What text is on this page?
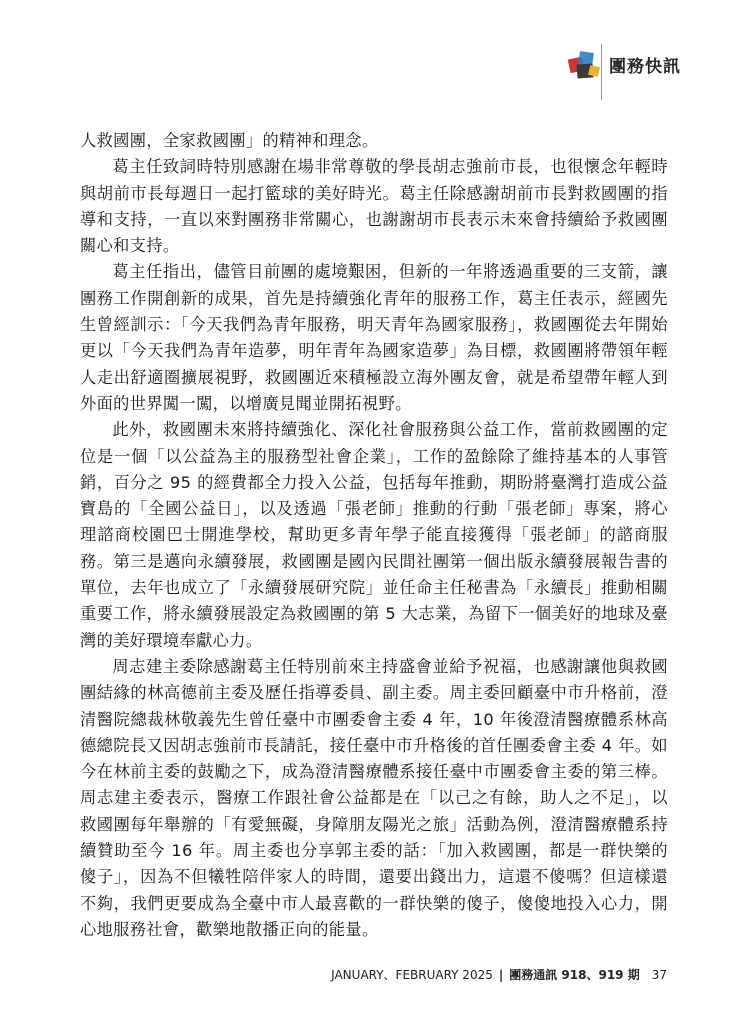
團務快訊

人救國團，全家救國團」的精神和理念。

葛主任致詞時特別感謝在場非常尊敬的學長胡志強前市長，也很懷念年輕時與胡前市長每週日一起打籃球的美好時光。葛主任除感謝胡前市長對救國團的指導和支持，一直以來對團務非常關心，也謝謝胡市長表示未來會持續給予救國團關心和支持。

葛主任指出，儘管目前團的處境艱困，但新的一年將透過重要的三支箭，讓團務工作開創新的成果，首先是持續強化青年的服務工作，葛主任表示，經國先生曾經訓示：「今天我們為青年服務，明天青年為國家服務」，救國團從去年開始更以「今天我們為青年造夢，明年青年為國家造夢」為目標，救國團將帶領年輕人走出舒適圈擴展視野，救國團近來積極設立海外團友會，就是希望帶年輕人到外面的世界闖一闖，以增廣見聞並開拓視野。

此外，救國團未來將持續強化、深化社會服務與公益工作，當前救國團的定位是一個「以公益為主的服務型社會企業」，工作的盈餘除了維持基本的人事管銷，百分之 95 的經費都全力投入公益，包括每年推動，期盼將臺灣打造成公益寶島的「全國公益日」，以及透過「張老師」推動的行動「張老師」專案，將心理諮商校園巴士開進學校，幫助更多青年學子能直接獲得「張老師」的諮商服務。第三是邁向永續發展，救國團是國內民間社團第一個出版永續發展報告書的單位，去年也成立了「永續發展研究院」並任命主任秘書為「永續長」推動相關重要工作，將永續發展設定為救國團的第 5 大志業，為留下一個美好的地球及臺灣的美好環境奉獻心力。

周志建主委除感謝葛主任特別前來主持盛會並給予祝福，也感謝讓他與救國團結緣的林高德前主委及歷任指導委員、副主委。周主委回顧臺中市升格前，澄清醫院總裁林敬義先生曾任臺中市團委會主委 4 年，10 年後澄清醫療體系林高德總院長又因胡志強前市長請託，接任臺中市升格後的首任團委會主委 4 年。如今在林前主委的鼓勵之下，成為澄清醫療體系接任臺中市團委會主委的第三棒。周志建主委表示，醫療工作跟社會公益都是在「以己之有餘，助人之不足」，以救國團每年舉辦的「有愛無礙，身障朋友陽光之旅」活動為例，澄清醫療體系持續贊助至今 16 年。周主委也分享郭主委的話：「加入救國團，都是一群快樂的傻子」，因為不但犧牲陪伴家人的時間，還要出錢出力，這還不傻嗎？但這樣還不夠，我們更要成為全臺中市人最喜歡的一群快樂的傻子，傻傻地投入心力，開心地服務社會，歡樂地散播正向的能量。

JANUARY、FEBRUARY 2025 | 團務通訊 918、919 期 37
